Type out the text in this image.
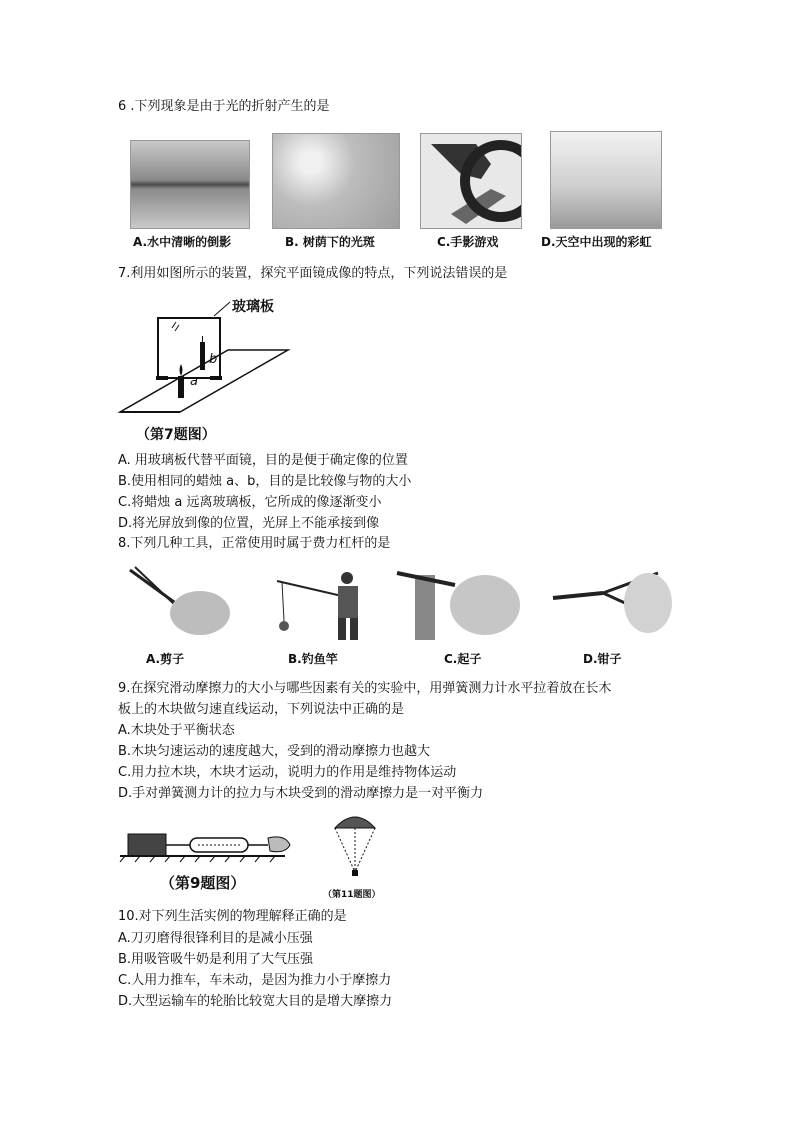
6 .下列现象是由于光的折射产生的是
A.水中清晰的倒影	B. 树荫下的光斑	C.手影游戏	D.天空中出现的彩虹
7.利用如图所示的装置，探究平面镜成像的特点，下列说法错误的是
玻璃板
b
a
（第7题图）
A. 用玻璃板代替平面镜，目的是便于确定像的位置
B.使用相同的蜡烛 a、b，目的是比较像与物的大小
C.将蜡烛 a 远离玻璃板，它所成的像逐渐变小
D.将光屏放到像的位置，光屏上不能承接到像
8.下列几种工具，正常使用时属于费力杠杆的是
A.剪子	B.钓鱼竿	C.起子	D.钳子
9.在探究滑动摩擦力的大小与哪些因素有关的实验中，用弹簧测力计水平拉着放在长木
板上的木块做匀速直线运动，下列说法中正确的是
A.木块处于平衡状态
B.木块匀速运动的速度越大，受到的滑动摩擦力也越大
C.用力拉木块，木块才运动，说明力的作用是维持物体运动
D.手对弹簧测力计的拉力与木块受到的滑动摩擦力是一对平衡力
（第9题图）
（第11题图）
10.对下列生活实例的物理解释正确的是
A.刀刃磨得很锋利目的是减小压强
B.用吸管吸牛奶是利用了大气压强
C.人用力推车，车未动，是因为推力小于摩擦力
D.大型运输车的轮胎比较宽大目的是增大摩擦力
